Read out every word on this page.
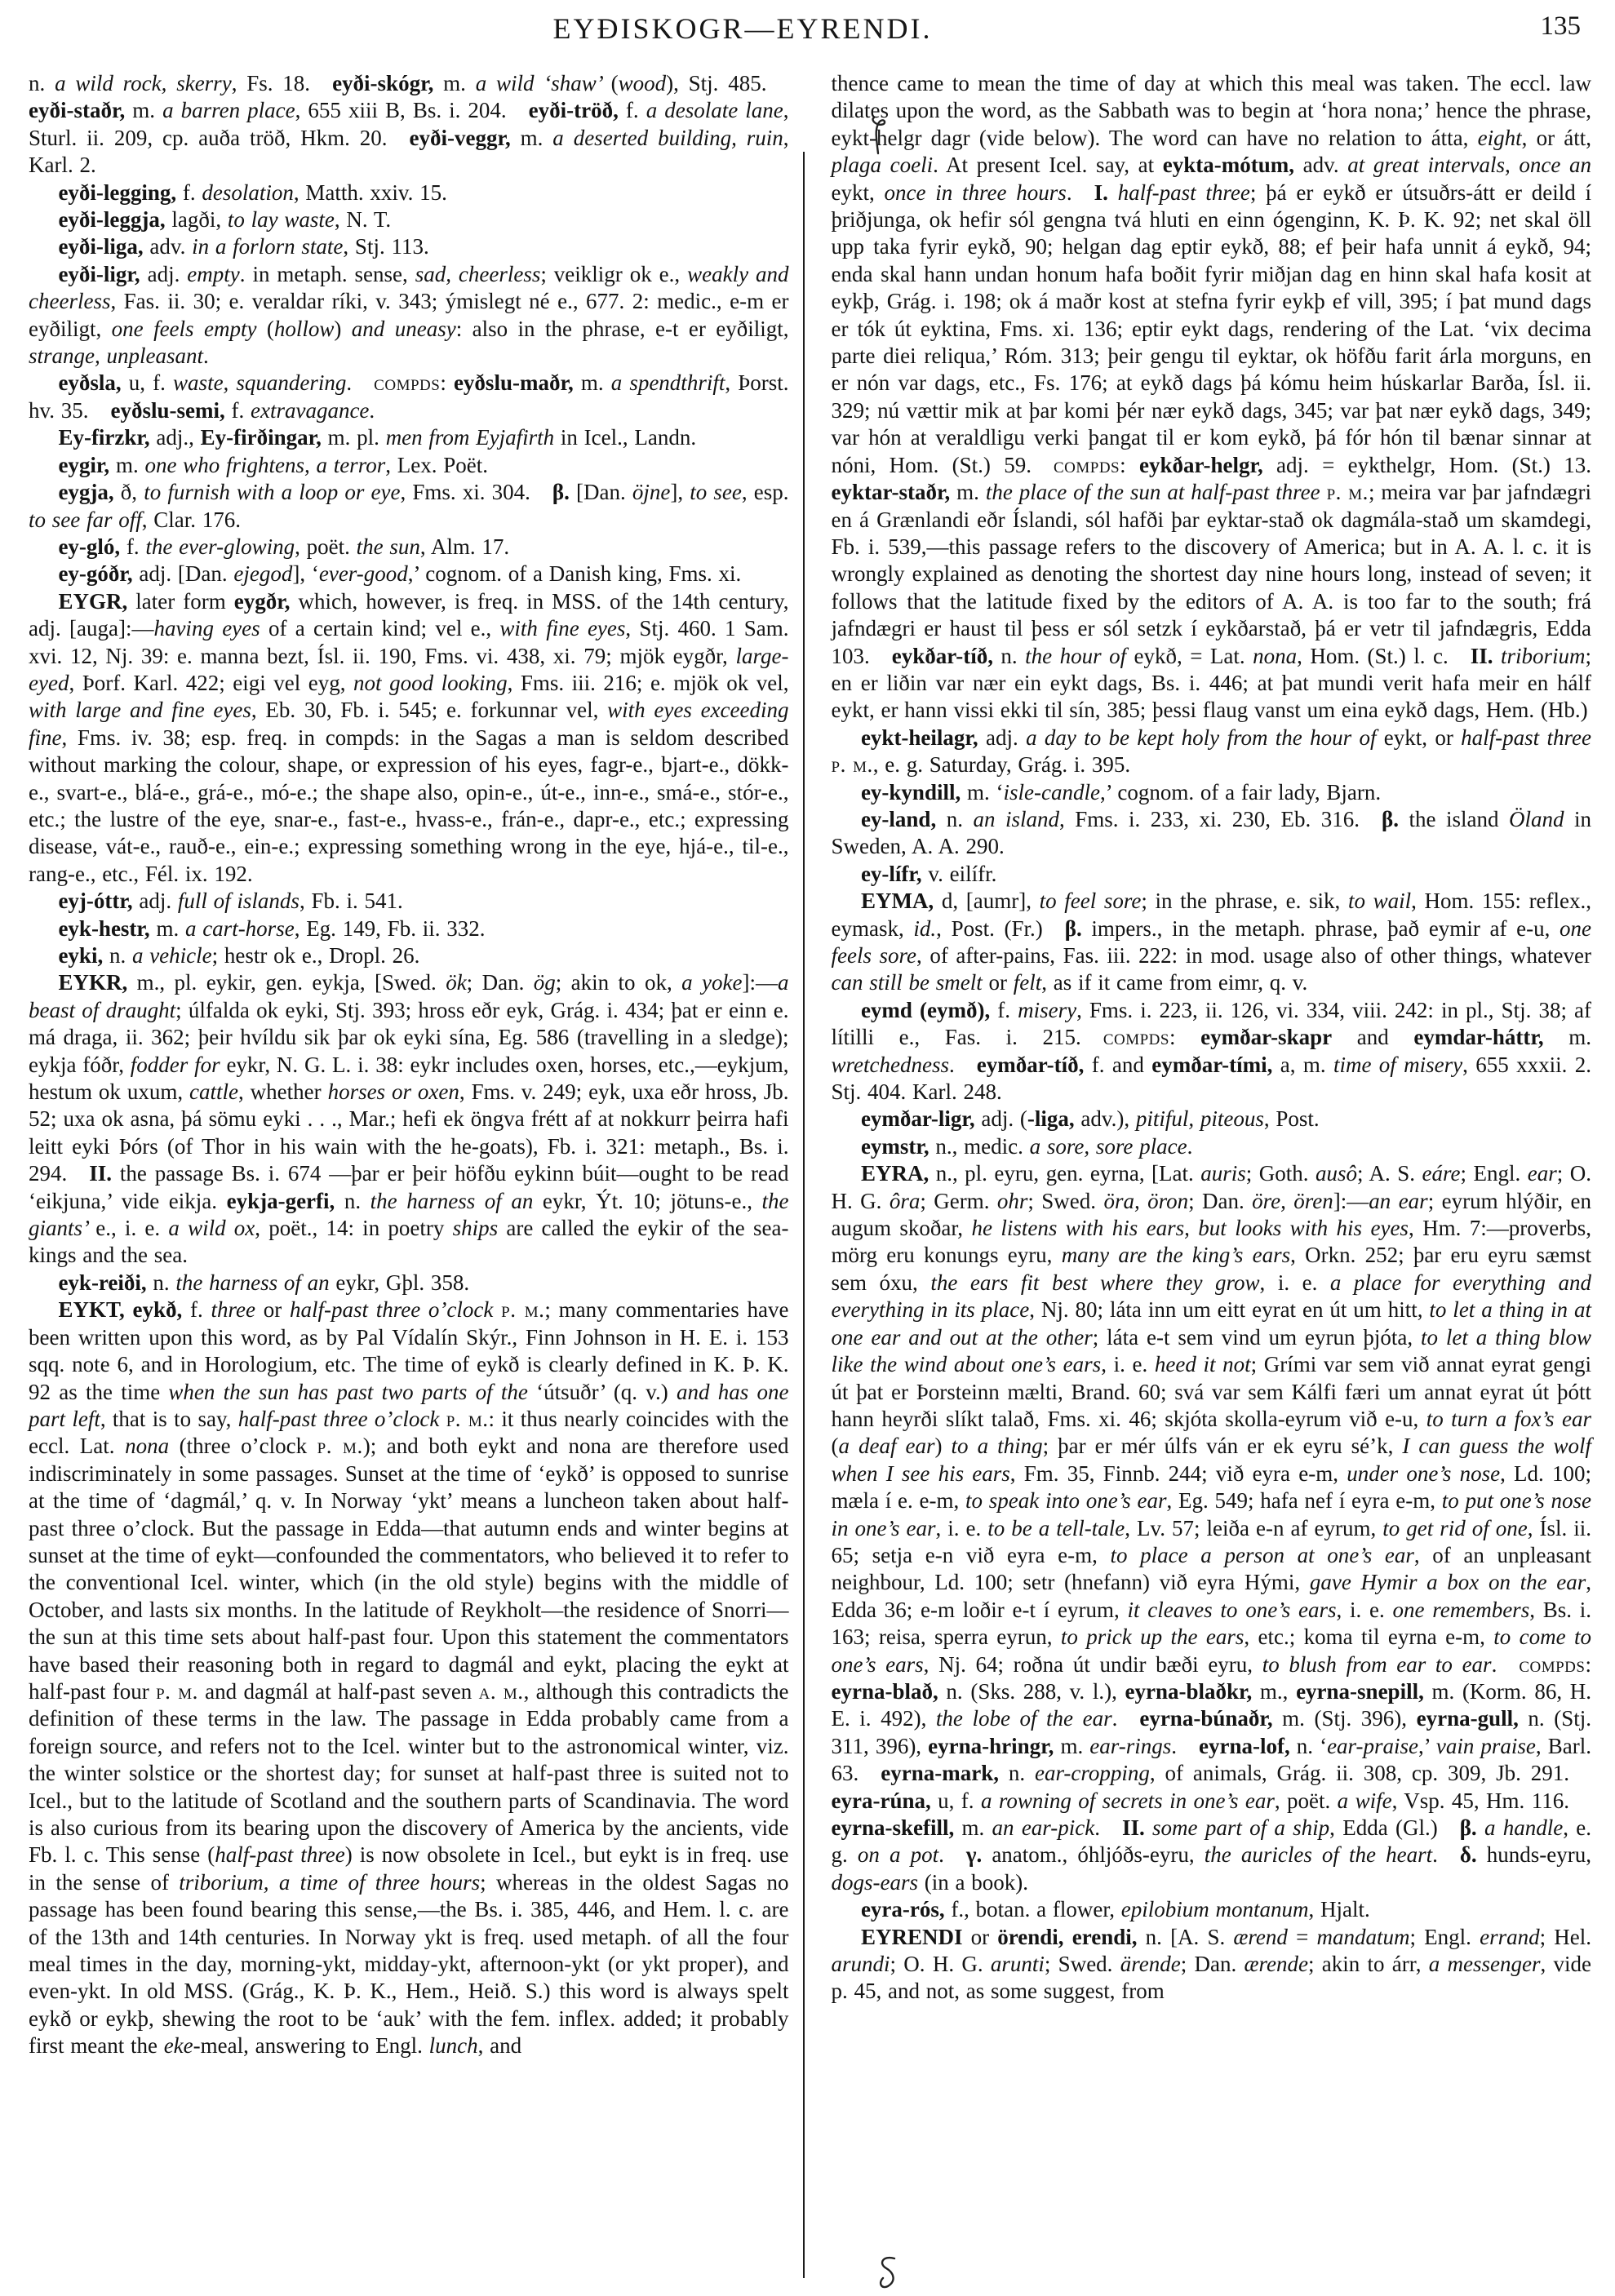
EYÐISKOGR—EYRENDI.	135

n. a wild rock, skerry, Fs. 18. eyði-skógr, m. a wild ‘shaw’ (wood), Stj. 485. eyði-staðr, m. a barren place, 655 xiii B, Bs. i. 204. eyði-tröð, f. a desolate lane, Sturl. ii. 209, cp. auða tröð, Hkm. 20. eyði-veggr, m. a deserted building, ruin, Karl. 2.

eyði-legging, f. desolation, Matth. xxiv. 15.

eyði-leggja, lagði, to lay waste, N. T.

eyði-liga, adv. in a forlorn state, Stj. 113.

eyði-ligr, adj. empty. in metaph. sense, sad, cheerless; veikligr ok e., weakly and cheerless, Fas. ii. 30; e. veraldar ríki, v. 343; ýmislegt né e., 677. 2: medic., e-m er eyðiligt, one feels empty (hollow) and uneasy: also in the phrase, e-t er eyðiligt, strange, unpleasant.

eyðsla, u, f. waste, squandering. compds: eyðslu-maðr, m. a spendthrift, Þorst. hv. 35. eyðslu-semi, f. extravagance.

Ey-firzkr, adj., Ey-firðingar, m. pl. men from Eyjafirth in Icel., Landn.

eygir, m. one who frightens, a terror, Lex. Poët.

eygja, ð, to furnish with a loop or eye, Fms. xi. 304. β. [Dan. öjne], to see, esp. to see far off, Clar. 176.

ey-gló, f. the ever-glowing, poët. the sun, Alm. 17.

ey-góðr, adj. [Dan. ejegod], ‘ever-good,’ cognom. of a Danish king, Fms. xi.

EYGR, later form eygðr, which, however, is freq. in MSS. of the 14th century, adj. [auga]:—having eyes of a certain kind; vel e., with fine eyes, Stj. 460. 1 Sam. xvi. 12, Nj. 39: e. manna bezt, Ísl. ii. 190, Fms. vi. 438, xi. 79; mjök eygðr, large-eyed, Þorf. Karl. 422; eigi vel eyg, not good looking, Fms. iii. 216; e. mjök ok vel, with large and fine eyes, Eb. 30, Fb. i. 545; e. forkunnar vel, with eyes exceeding fine, Fms. iv. 38; esp. freq. in compds: in the Sagas a man is seldom described without marking the colour, shape, or expression of his eyes, fagr-e., bjart-e., dökk-e., svart-e., blá-e., grá-e., mó-e.; the shape also, opin-e., út-e., inn-e., smá-e., stór-e., etc.; the lustre of the eye, snar-e., fast-e., hvass-e., frán-e., dapr-e., etc.; expressing disease, vát-e., rauð-e., ein-e.; expressing something wrong in the eye, hjá-e., til-e., rang-e., etc., Fél. ix. 192.

eyj-óttr, adj. full of islands, Fb. i. 541.

eyk-hestr, m. a cart-horse, Eg. 149, Fb. ii. 332.

eyki, n. a vehicle; hestr ok e., Dropl. 26.

EYKR, m., pl. eykir, gen. eykja, [Swed. ök; Dan. ög; akin to ok, a yoke]:—a beast of draught; úlfalda ok eyki, Stj. 393; hross eðr eyk, Grág. i. 434; þat er einn e. má draga, ii. 362; þeir hvíldu sik þar ok eyki sína, Eg. 586 (travelling in a sledge); eykja fóðr, fodder for eykr, N. G. L. i. 38: eykr includes oxen, horses, etc.,—eykjum, hestum ok uxum, cattle, whether horses or oxen, Fms. v. 249; eyk, uxa eðr hross, Jb. 52; uxa ok asna, þá sömu eyki . . ., Mar.; hefi ek öngva frétt af at nokkurr þeirra hafi leitt eyki Þórs (of Thor in his wain with the he-goats), Fb. i. 321: metaph., Bs. i. 294. II. the passage Bs. i. 674 —þar er þeir höfðu eykinn búit—ought to be read ‘eikjuna,’ vide eikja. eykja-gerfi, n. the harness of an eykr, Ýt. 10; jötuns-e., the giants’ e., i. e. a wild ox, poët., 14: in poetry ships are called the eykir of the sea-kings and the sea.

eyk-reiði, n. the harness of an eykr, Gþl. 358.

EYKT, eykð, f. three or half-past three o’clock p. m.; many commentaries have been written upon this word, as by Pal Vídalín Skýr., Finn Johnson in H. E. i. 153 sqq. note 6, and in Horologium, etc. The time of eykð is clearly defined in K. Þ. K. 92 as the time when the sun has past two parts of the ‘útsuðr’ (q. v.) and has one part left, that is to say, half-past three o’clock p. m.: it thus nearly coincides with the eccl. Lat. nona (three o’clock p. m.); and both eykt and nona are therefore used indiscriminately in some passages. Sunset at the time of ‘eykð’ is opposed to sunrise at the time of ‘dagmál,’ q. v. In Norway ‘ykt’ means a luncheon taken about half-past three o’clock. But the passage in Edda—that autumn ends and winter begins at sunset at the time of eykt—confounded the commentators, who believed it to refer to the conventional Icel. winter, which (in the old style) begins with the middle of October, and lasts six months. In the latitude of Reykholt—the residence of Snorri—the sun at this time sets about half-past four. Upon this statement the commentators have based their reasoning both in regard to dagmál and eykt, placing the eykt at half-past four p. m. and dagmál at half-past seven a. m., although this contradicts the definition of these terms in the law. The passage in Edda probably came from a foreign source, and refers not to the Icel. winter but to the astronomical winter, viz. the winter solstice or the shortest day; for sunset at half-past three is suited not to Icel., but to the latitude of Scotland and the southern parts of Scandinavia. The word is also curious from its bearing upon the discovery of America by the ancients, vide Fb. l. c. This sense (half-past three) is now obsolete in Icel., but eykt is in freq. use in the sense of triborium, a time of three hours; whereas in the oldest Sagas no passage has been found bearing this sense,—the Bs. i. 385, 446, and Hem. l. c. are of the 13th and 14th centuries. In Norway ykt is freq. used metaph. of all the four meal times in the day, morning-ykt, midday-ykt, afternoon-ykt (or ykt proper), and even-ykt. In old MSS. (Grág., K. Þ. K., Hem., Heið. S.) this word is always spelt eykð or eykþ, shewing the root to be ‘auk’ with the fem. inflex. added; it probably first meant the eke-meal, answering to Engl. lunch, and

thence came to mean the time of day at which this meal was taken. The eccl. law dilates upon the word, as the Sabbath was to begin at ‘hora nona;’ hence the phrase, eykt-helgr dagr (vide below). The word can have no relation to átta, eight, or átt, plaga coeli. At present Icel. say, at eykta-mótum, adv. at great intervals, once an eykt, once in three hours. I. half-past three; þá er eykð er útsuðrs-átt er deild í þriðjunga, ok hefir sól gengna tvá hluti en einn ógenginn, K. Þ. K. 92; net skal öll upp taka fyrir eykð, 90; helgan dag eptir eykð, 88; ef þeir hafa unnit á eykð, 94; enda skal hann undan honum hafa boðit fyrir miðjan dag en hinn skal hafa kosit at eykþ, Grág. i. 198; ok á maðr kost at stefna fyrir eykþ ef vill, 395; í þat mund dags er tók út eyktina, Fms. xi. 136; eptir eykt dags, rendering of the Lat. ‘vix decima parte diei reliqua,’ Róm. 313; þeir gengu til eyktar, ok höfðu farit árla morguns, en er nón var dags, etc., Fs. 176; at eykð dags þá kómu heim húskarlar Barða, Ísl. ii. 329; nú vættir mik at þar komi þér nær eykð dags, 345; var þat nær eykð dags, 349; var hón at veraldligu verki þangat til er kom eykð, þá fór hón til bænar sinnar at nóni, Hom. (St.) 59. compds: eykðar-helgr, adj. = eykthelgr, Hom. (St.) 13. eyktar-staðr, m. the place of the sun at half-past three p. m.; meira var þar jafndægri en á Grænlandi eðr Íslandi, sól hafði þar eyktar-stað ok dagmála-stað um skamdegi, Fb. i. 539,—this passage refers to the discovery of America; but in A. A. l. c. it is wrongly explained as denoting the shortest day nine hours long, instead of seven; it follows that the latitude fixed by the editors of A. A. is too far to the south; frá jafndægri er haust til þess er sól setzk í eykðarstað, þá er vetr til jafndægris, Edda 103. eykðar-tíð, n. the hour of eykð, = Lat. nona, Hom. (St.) l. c. II. triborium; en er liðin var nær ein eykt dags, Bs. i. 446; at þat mundi verit hafa meir en hálf eykt, er hann vissi ekki til sín, 385; þessi flaug vanst um eina eykð dags, Hem. (Hb.)

eykt-heilagr, adj. a day to be kept holy from the hour of eykt, or half-past three p. m., e. g. Saturday, Grág. i. 395.

ey-kyndill, m. ‘isle-candle,’ cognom. of a fair lady, Bjarn.

ey-land, n. an island, Fms. i. 233, xi. 230, Eb. 316. β. the island Öland in Sweden, A. A. 290.

ey-lífr, v. eilífr.

EYMA, d, [aumr], to feel sore; in the phrase, e. sik, to wail, Hom. 155: reflex., eymask, id., Post. (Fr.) β. impers., in the metaph. phrase, það eymir af e-u, one feels sore, of after-pains, Fas. iii. 222: in mod. usage also of other things, whatever can still be smelt or felt, as if it came from eimr, q. v.

eymd (eymð), f. misery, Fms. i. 223, ii. 126, vi. 334, viii. 242: in pl., Stj. 38; af lítilli e., Fas. i. 215. compds: eymðar-skapr and eymdar-háttr, m. wretchedness. eymðar-tíð, f. and eymðar-tími, a, m. time of misery, 655 xxxii. 2. Stj. 404. Karl. 248.

eymðar-ligr, adj. (-liga, adv.), pitiful, piteous, Post.

eymstr, n., medic. a sore, sore place.

EYRA, n., pl. eyru, gen. eyrna, [Lat. auris; Goth. ausô; A. S. eáre; Engl. ear; O. H. G. ôra; Germ. ohr; Swed. öra, öron; Dan. öre, ören]:—an ear; eyrum hlýðir, en augum skoðar, he listens with his ears, but looks with his eyes, Hm. 7:—proverbs, mörg eru konungs eyru, many are the king’s ears, Orkn. 252; þar eru eyru sæmst sem óxu, the ears fit best where they grow, i. e. a place for everything and everything in its place, Nj. 80; láta inn um eitt eyrat en út um hitt, to let a thing in at one ear and out at the other; láta e-t sem vind um eyrun þjóta, to let a thing blow like the wind about one’s ears, i. e. heed it not; Grími var sem við annat eyrat gengi út þat er Þorsteinn mælti, Brand. 60; svá var sem Kálfi færi um annat eyrat út þótt hann heyrði slíkt talað, Fms. xi. 46; skjóta skolla-eyrum við e-u, to turn a fox’s ear (a deaf ear) to a thing; þar er mér úlfs ván er ek eyru sé’k, I can guess the wolf when I see his ears, Fm. 35, Finnb. 244; við eyra e-m, under one’s nose, Ld. 100; mæla í e. e-m, to speak into one’s ear, Eg. 549; hafa nef í eyra e-m, to put one’s nose in one’s ear, i. e. to be a tell-tale, Lv. 57; leiða e-n af eyrum, to get rid of one, Ísl. ii. 65; setja e-n við eyra e-m, to place a person at one’s ear, of an unpleasant neighbour, Ld. 100; setr (hnefann) við eyra Hými, gave Hymir a box on the ear, Edda 36; e-m loðir e-t í eyrum, it cleaves to one’s ears, i. e. one remembers, Bs. i. 163; reisa, sperra eyrun, to prick up the ears, etc.; koma til eyrna e-m, to come to one’s ears, Nj. 64; roðna út undir bæði eyru, to blush from ear to ear. compds: eyrna-blað, n. (Sks. 288, v. l.), eyrna-blaðkr, m., eyrna-snepill, m. (Korm. 86, H. E. i. 492), the lobe of the ear. eyrna-búnaðr, m. (Stj. 396), eyrna-gull, n. (Stj. 311, 396), eyrna-hringr, m. ear-rings. eyrna-lof, n. ‘ear-praise,’ vain praise, Barl. 63. eyrna-mark, n. ear-cropping, of animals, Grág. ii. 308, cp. 309, Jb. 291. eyra-rúna, u, f. a rowning of secrets in one’s ear, poët. a wife, Vsp. 45, Hm. 116. eyrna-skefill, m. an ear-pick. II. some part of a ship, Edda (Gl.) β. a handle, e. g. on a pot. γ. anatom., óhljóðs-eyru, the auricles of the heart. δ. hunds-eyru, dogs-ears (in a book).

eyra-rós, f., botan. a flower, epilobium montanum, Hjalt.

EYRENDI or örendi, erendi, n. [A. S. ærend = mandatum; Engl. errand; Hel. arundi; O. H. G. arunti; Swed. ärende; Dan. ærende; akin to árr, a messenger, vide p. 45, and not, as some suggest, from
